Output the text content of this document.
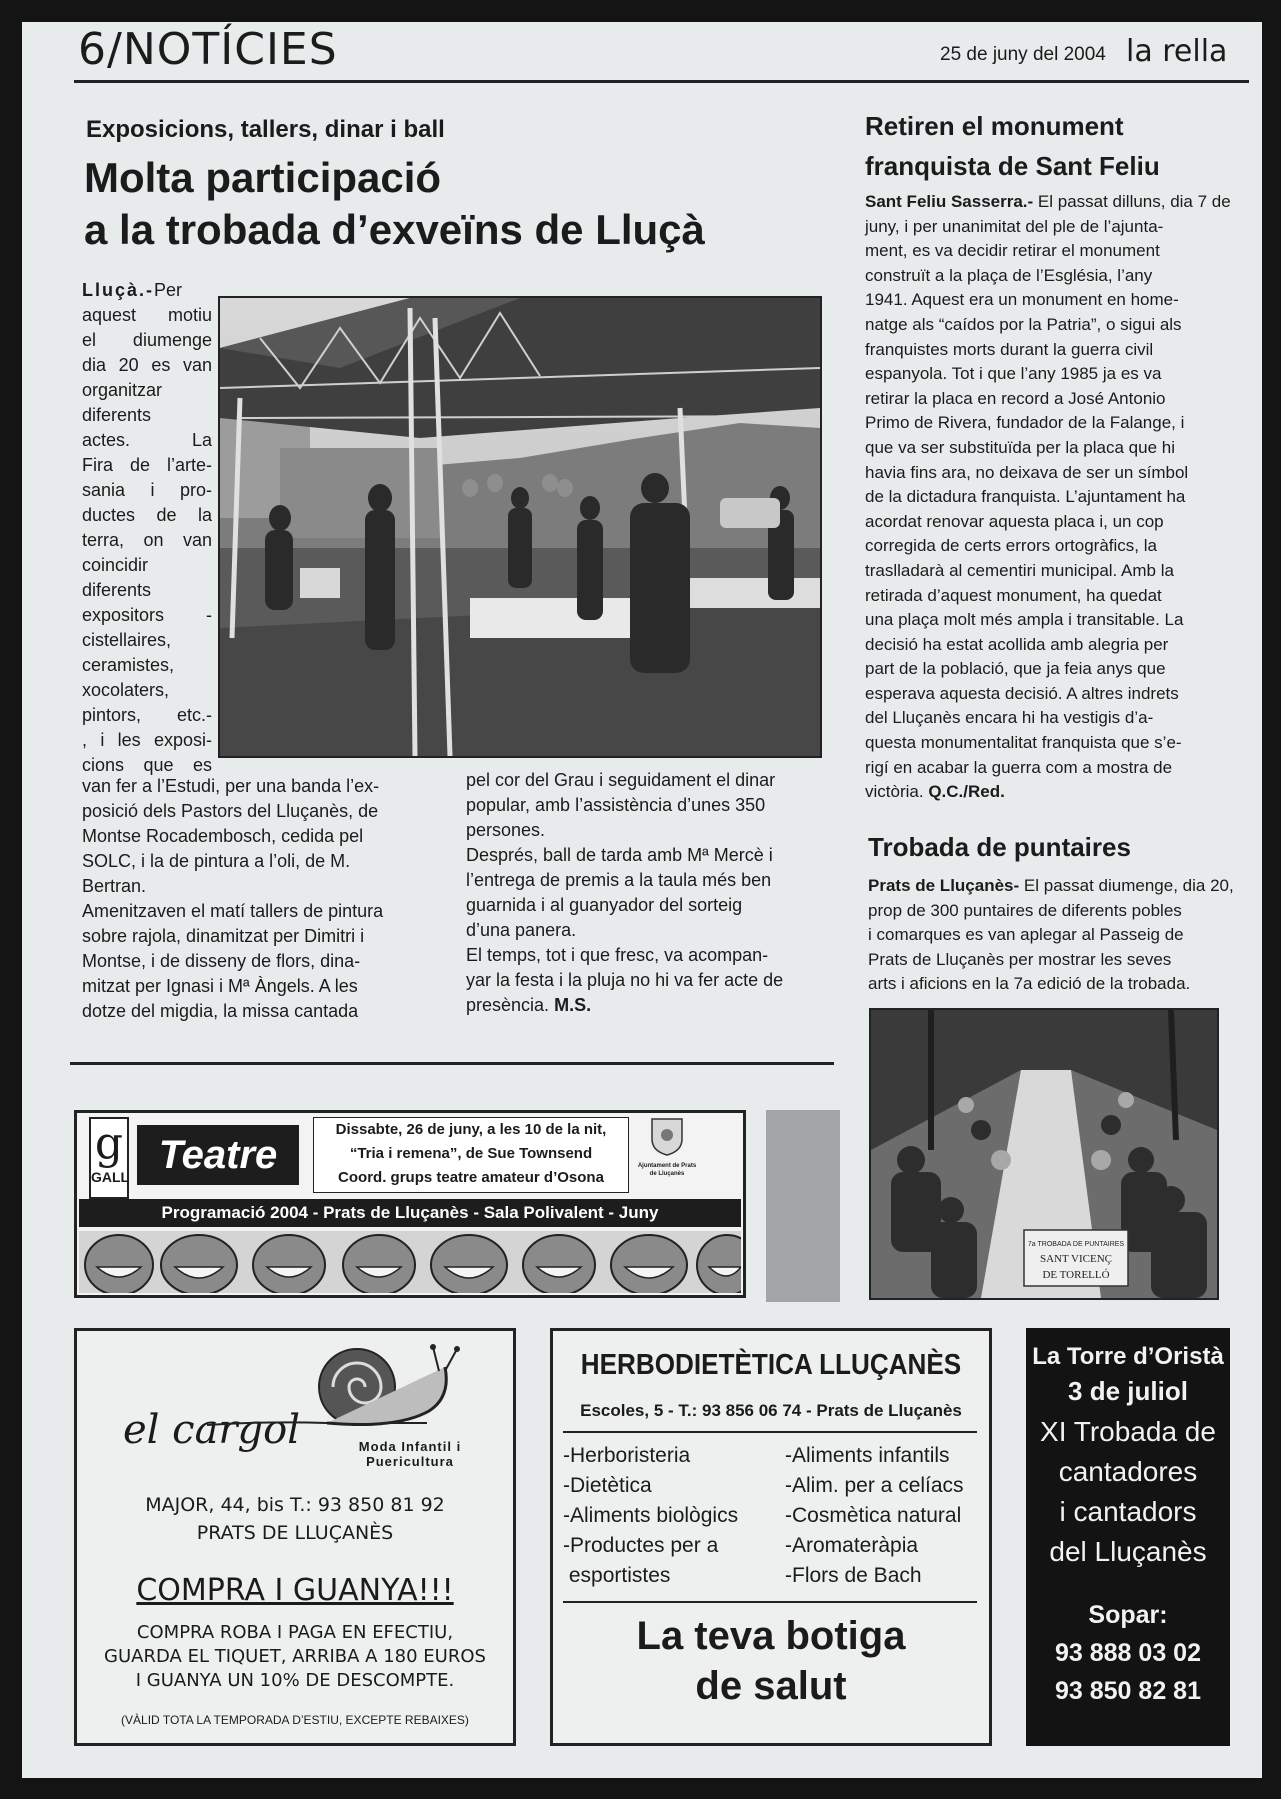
6/NOTÍCIES	25 de juny del 2004 la rella
Exposicions, tallers, dinar i ball
Molta participació
a la trobada d’exveïns de Lluçà
Lluçà.-Per
aquest motiu
el diumenge
dia 20 es van
organitzar
diferents
actes. La
Fira de l’arte-
sania i pro-
ductes de la
terra, on van
coincidir
diferents
expositors -
cistellaires,
ceramistes,
xocolaters,
pintors, etc.-
, i les exposi-
cions que es
van fer a l’Estudi, per una banda l’ex-
posició dels Pastors del Lluçanès, de
Montse Rocadembosch, cedida pel
SOLC, i la de pintura a l’oli, de M.
Bertran.
Amenitzaven el matí tallers de pintura
sobre rajola, dinamitzat per Dimitri i
Montse, i de disseny de flors, dina-
mitzat per Ignasi i Mª Àngels. A les
dotze del migdia, la missa cantada
pel cor del Grau i seguidament el dinar
popular, amb l’assistència d’unes 350
persones.
Després, ball de tarda amb Mª Mercè i
l’entrega de premis a la taula més ben
guarnida i al guanyador del sorteig
d’una panera.
El temps, tot i que fresc, va acompan-
yar la festa i la pluja no hi va fer acte de
presència. M.S.
Retiren el monument
franquista de Sant Feliu
Sant Feliu Sasserra.- El passat dilluns, dia 7 de
juny, i per unanimitat del ple de l’ajunta-
ment, es va decidir retirar el monument
construït a la plaça de l’Església, l’any
1941. Aquest era un monument en home-
natge als “caídos por la Patria”, o sigui als
franquistes morts durant la guerra civil
espanyola. Tot i que l’any 1985 ja es va
retirar la placa en record a José Antonio
Primo de Rivera, fundador de la Falange, i
que va ser substituïda per la placa que hi
havia fins ara, no deixava de ser un símbol
de la dictadura franquista. L’ajuntament ha
acordat renovar aquesta placa i, un cop
corregida de certs errors ortogràfics, la
traslladarà al cementiri municipal. Amb la
retirada d’aquest monument, ha quedat
una plaça molt més ampla i transitable. La
decisió ha estat acollida amb alegria per
part de la població, que ja feia anys que
esperava aquesta decisió. A altres indrets
del Lluçanès encara hi ha vestigis d’a-
questa monumentalitat franquista que s’e-
rigí en acabar la guerra com a mostra de
victòria. Q.C./Red.
Trobada de puntaires
Prats de Lluçanès- El passat diumenge, dia 20,
prop de 300 puntaires de diferents pobles
i comarques es van aplegar al Passeig de
Prats de Lluçanès per mostrar les seves
arts i aficions en la 7a edició de la trobada.
7a TROBADA DE PUNTAIRES
SANT VICENÇ
DE TORELLÓ
g
GALL Teatre
Dissabte, 26 de juny, a les 10 de la nit,
“Tria i remena”, de Sue Townsend
Coord. grups teatre amateur d’Osona
Ajuntament de Prats de Lluçanès
Programació 2004 - Prats de Lluçanès - Sala Polivalent - Juny
el cargol	Moda Infantil i
Puericultura
MAJOR, 44, bis T.: 93 850 81 92
PRATS DE LLUÇANÈS
COMPRA I GUANYA!!!
COMPRA ROBA I PAGA EN EFECTIU,
GUARDA EL TIQUET, ARRIBA A 180 EUROS
I GUANYA UN 10% DE DESCOMPTE.
(VÀLID TOTA LA TEMPORADA D’ESTIU, EXCEPTE REBAIXES)
HERBODIETÈTICA LLUÇANÈS
Escoles, 5 - T.: 93 856 06 74 - Prats de Lluçanès
-Herboristeria
-Dietètica
-Aliments biològics
-Productes per a
esportistes
-Aliments infantils
-Alim. per a celíacs
-Cosmètica natural
-Aromateràpia
-Flors de Bach
La teva botiga
de salut
La Torre d’Oristà
3 de juliol
XI Trobada de
cantadores
i cantadors
del Lluçanès
Sopar:
93 888 03 02
93 850 82 81
